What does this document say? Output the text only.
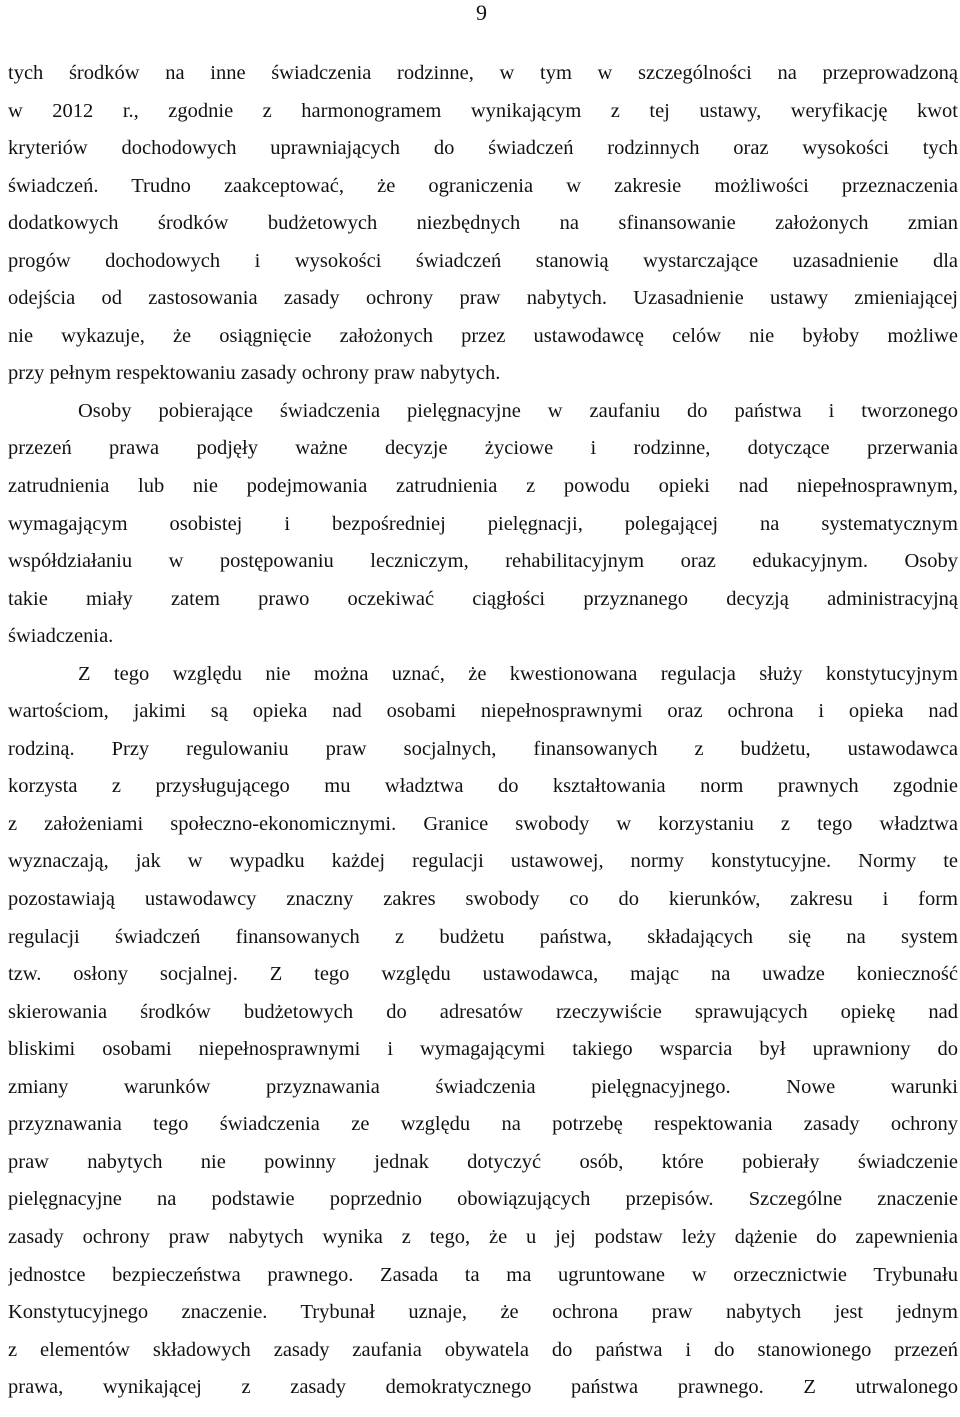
9
tych środków na inne świadczenia rodzinne, w tym w szczególności na przeprowadzoną
w 2012 r., zgodnie z harmonogramem wynikającym z tej ustawy, weryfikację kwot
kryteriów dochodowych uprawniających do świadczeń rodzinnych oraz wysokości tych
świadczeń. Trudno zaakceptować, że ograniczenia w zakresie możliwości przeznaczenia
dodatkowych środków budżetowych niezbędnych na sfinansowanie założonych zmian
progów dochodowych i wysokości świadczeń stanowią wystarczające uzasadnienie dla
odejścia od zastosowania zasady ochrony praw nabytych. Uzasadnienie ustawy zmieniającej
nie wykazuje, że osiągnięcie założonych przez ustawodawcę celów nie byłoby możliwe
przy pełnym respektowaniu zasady ochrony praw nabytych.
Osoby pobierające świadczenia pielęgnacyjne w zaufaniu do państwa i tworzonego
przezeń prawa podjęły ważne decyzje życiowe i rodzinne, dotyczące przerwania
zatrudnienia lub nie podejmowania zatrudnienia z powodu opieki nad niepełnosprawnym,
wymagającym osobistej i bezpośredniej pielęgnacji, polegającej na systematycznym
współdziałaniu w postępowaniu leczniczym, rehabilitacyjnym oraz edukacyjnym. Osoby
takie miały zatem prawo oczekiwać ciągłości przyznanego decyzją administracyjną
świadczenia.
Z tego względu nie można uznać, że kwestionowana regulacja służy konstytucyjnym
wartościom, jakimi są opieka nad osobami niepełnosprawnymi oraz ochrona i opieka nad
rodziną. Przy regulowaniu praw socjalnych, finansowanych z budżetu, ustawodawca
korzysta z przysługującego mu władztwa do kształtowania norm prawnych zgodnie
z założeniami społeczno-ekonomicznymi. Granice swobody w korzystaniu z tego władztwa
wyznaczają, jak w wypadku każdej regulacji ustawowej, normy konstytucyjne. Normy te
pozostawiają ustawodawcy znaczny zakres swobody co do kierunków, zakresu i form
regulacji świadczeń finansowanych z budżetu państwa, składających się na system
tzw. osłony socjalnej. Z tego względu ustawodawca, mając na uwadze konieczność
skierowania środków budżetowych do adresatów rzeczywiście sprawujących opiekę nad
bliskimi osobami niepełnosprawnymi i wymagającymi takiego wsparcia był uprawniony do
zmiany warunków przyznawania świadczenia pielęgnacyjnego. Nowe warunki
przyznawania tego świadczenia ze względu na potrzebę respektowania zasady ochrony
praw nabytych nie powinny jednak dotyczyć osób, które pobierały świadczenie
pielęgnacyjne na podstawie poprzednio obowiązujących przepisów. Szczególne znaczenie
zasady ochrony praw nabytych wynika z tego, że u jej podstaw leży dążenie do zapewnienia
jednostce bezpieczeństwa prawnego. Zasada ta ma ugruntowane w orzecznictwie Trybunału
Konstytucyjnego znaczenie. Trybunał uznaje, że ochrona praw nabytych jest jednym
z elementów składowych zasady zaufania obywatela do państwa i do stanowionego przezeń
prawa, wynikającej z zasady demokratycznego państwa prawnego. Z utrwalonego
